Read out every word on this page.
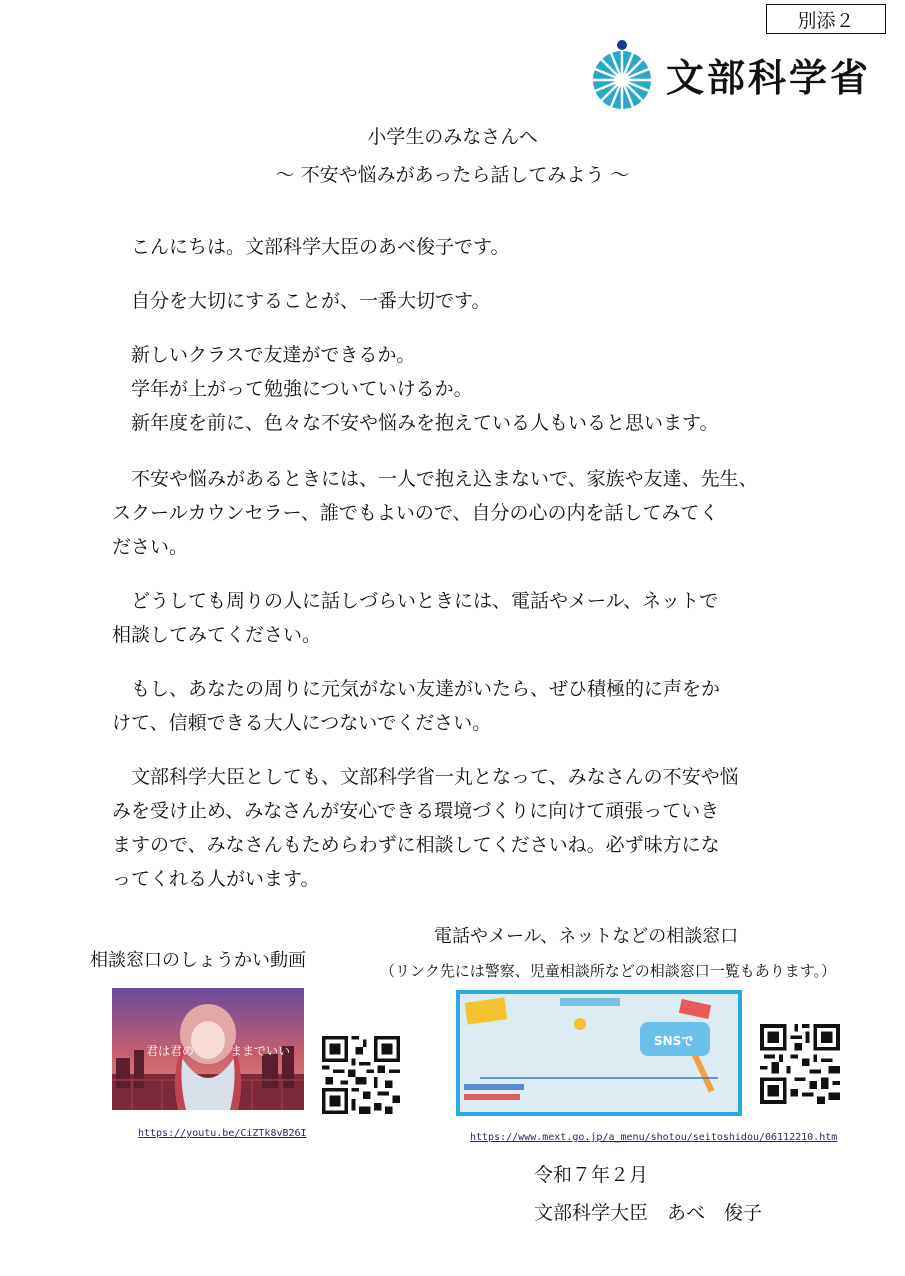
別添２
文部科学省
小学生のみなさんへ
～ 不安や悩みがあったら話してみよう ～
　こんにちは。文部科学大臣のあべ俊子です。
　自分を大切にすることが、一番大切です。
　新しいクラスで友達ができるか。
　学年が上がって勉強についていけるか。
　新年度を前に、色々な不安や悩みを抱えている人もいると思います。
　不安や悩みがあるときには、一人で抱え込まないで、家族や友達、先生、
スクールカウンセラー、誰でもよいので、自分の心の内を話してみてく
ださい。
　どうしても周りの人に話しづらいときには、電話やメール、ネットで
相談してみてください。
　もし、あなたの周りに元気がない友達がいたら、ぜひ積極的に声をか
けて、信頼できる大人につないでください。
　文部科学大臣としても、文部科学省一丸となって、みなさんの不安や悩
みを受け止め、みなさんが安心できる環境づくりに向けて頑張っていき
ますので、みなさんもためらわずに相談してくださいね。必ず味方にな
ってくれる人がいます。
相談窓口のしょうかい動画
君は君の	ままでいい
https://youtu.be/CiZTk8vB26I
電話やメール、ネットなどの相談窓口
（リンク先には警察、児童相談所などの相談窓口一覧もあります。）
SNSで
https://www.mext.go.jp/a_menu/shotou/seitoshidou/06112210.htm
令和７年２月
文部科学大臣　あべ　俊子
